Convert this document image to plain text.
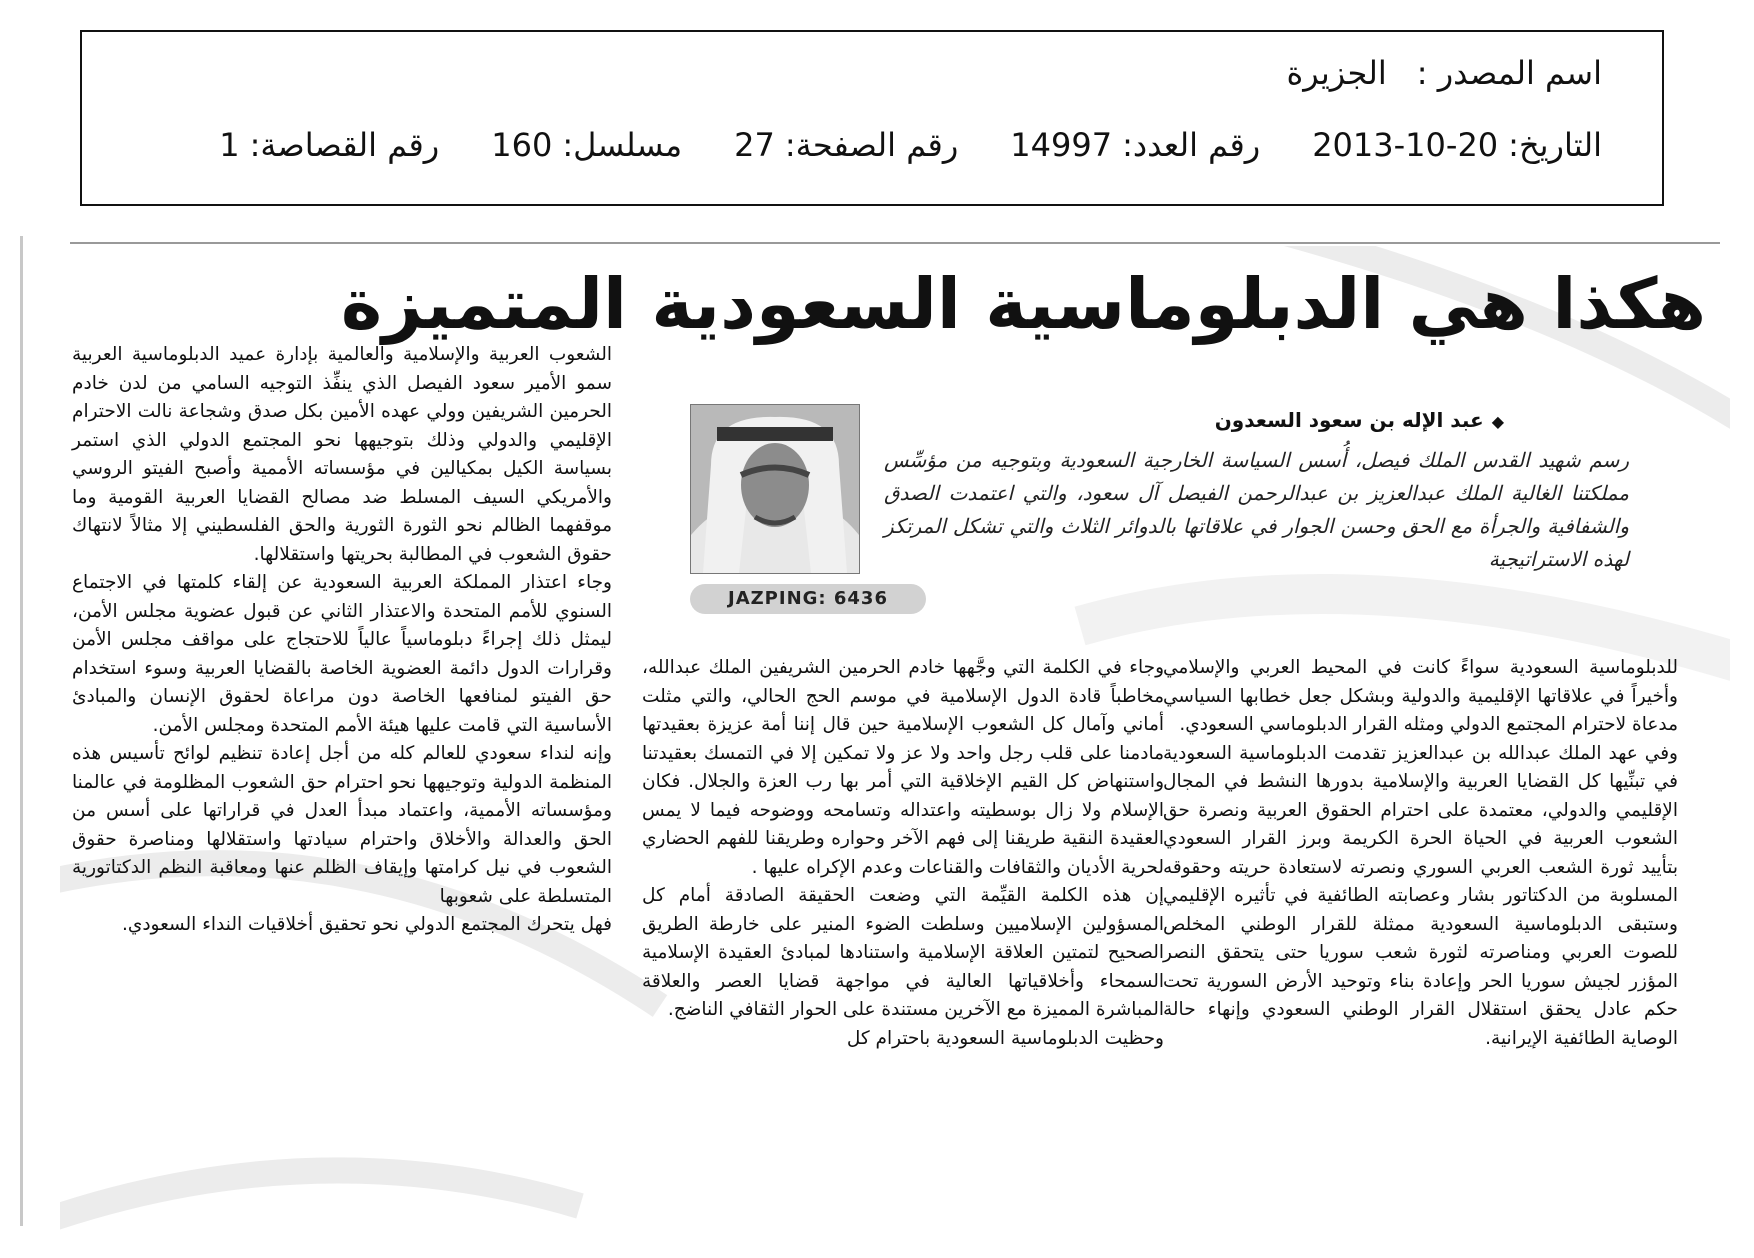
اسم المصدر :
الجزيرة
التاريخ:
2013-10-20
رقم العدد:
14997
رقم الصفحة:
27
مسلسل:
160
رقم القصاصة:
1
هكذا هي الدبلوماسية السعودية المتميزة
◆عبد الإله بن سعود السعدون
رسم شهيد القدس الملك فيصل، أُسس السياسة الخارجية السعودية وبتوجيه من مؤسِّس مملكتنا الغالية الملك عبدالعزيز بن عبدالرحمن الفيصل آل سعود، والتي اعتمدت الصدق والشفافية والجرأة مع الحق وحسن الجوار في علاقاتها بالدوائر الثلاث والتي تشكل المرتكز لهذه الاستراتيجية
JAZPING: 6436

للدبلوماسية السعودية سواءً كانت في المحيط العربي والإسلامي وأخيراً في علاقاتها الإقليمية والدولية وبشكل جعل خطابها السياسي مدعاة لاحترام المجتمع الدولي ومثله القرار الدبلوماسي السعودي.

وفي عهد الملك عبدالله بن عبدالعزيز تقدمت الدبلوماسية السعودية في تبنِّيها كل القضايا العربية والإسلامية بدورها النشط في المجال الإقليمي والدولي، معتمدة على احترام الحقوق العربية ونصرة حق الشعوب العربية في الحياة الحرة الكريمة وبرز القرار السعودي بتأييد ثورة الشعب العربي السوري ونصرته لاستعادة حريته وحقوقه المسلوبة من الدكتاتور بشار وعصابته الطائفية في تأثيره الإقليمي وستبقى الدبلوماسية السعودية ممثلة للقرار الوطني المخلص للصوت العربي ومناصرته لثورة شعب سوريا حتى يتحقق النصر المؤزر لجيش سوريا الحر وإعادة بناء وتوحيد الأرض السورية تحت حكم عادل يحقق استقلال القرار الوطني السعودي وإنهاء حالة الوصاية الطائفية الإيرانية.

وجاء في الكلمة التي وجَّهها خادم الحرمين الشريفين الملك عبدالله، مخاطباً قادة الدول الإسلامية في موسم الحج الحالي، والتي مثلت أماني وآمال كل الشعوب الإسلامية حين قال إننا أمة عزيزة بعقيدتها مادمنا على قلب رجل واحد ولا عز ولا تمكين إلا في التمسك بعقيدتنا واستنهاض كل القيم الإخلاقية التي أمر بها رب العزة والجلال. فكان الإسلام ولا زال بوسطيته واعتداله وتسامحه ووضوحه فيما لا يمس العقيدة النقية طريقنا إلى فهم الآخر وحواره وطريقنا للفهم الحضاري لحرية الأديان والثقافات والقناعات وعدم الإكراه عليها .

إن هذه الكلمة القيِّمة التي وضعت الحقيقة الصادقة أمام كل المسؤولين الإسلاميين وسلطت الضوء المنير على خارطة الطريق الصحيح لتمتين العلاقة الإسلامية واستنادها لمبادئ العقيدة الإسلامية السمحاء وأخلاقياتها العالية في مواجهة قضايا العصر والعلاقة المباشرة المميزة مع الآخرين مستندة على الحوار الثقافي الناضج.

وحظيت الدبلوماسية السعودية باحترام كل

الشعوب العربية والإسلامية والعالمية بإدارة عميد الدبلوماسية العربية سمو الأمير سعود الفيصل الذي ينفِّذ التوجيه السامي من لدن خادم الحرمين الشريفين وولي عهده الأمين بكل صدق وشجاعة نالت الاحترام الإقليمي والدولي وذلك بتوجيهها نحو المجتمع الدولي الذي استمر بسياسة الكيل بمكيالين في مؤسساته الأممية وأصبح الفيتو الروسي والأمريكي السيف المسلط ضد مصالح القضايا العربية القومية وما موقفهما الظالم نحو الثورة الثورية والحق الفلسطيني إلا مثالاً لانتهاك حقوق الشعوب في المطالبة بحريتها واستقلالها.

وجاء اعتذار المملكة العربية السعودية عن إلقاء كلمتها في الاجتماع السنوي للأمم المتحدة والاعتذار الثاني عن قبول عضوية مجلس الأمن، ليمثل ذلك إجراءً دبلوماسياً عالياً للاحتجاج على مواقف مجلس الأمن وقرارات الدول دائمة العضوية الخاصة بالقضايا العربية وسوء استخدام حق الفيتو لمنافعها الخاصة دون مراعاة لحقوق الإنسان والمبادئ الأساسية التي قامت عليها هيئة الأمم المتحدة ومجلس الأمن.

وإنه لنداء سعودي للعالم كله من أجل إعادة تنظيم لوائح تأسيس هذه المنظمة الدولية وتوجيهها نحو احترام حق الشعوب المظلومة في عالمنا ومؤسساته الأممية، واعتماد مبدأ العدل في قراراتها على أسس من الحق والعدالة والأخلاق واحترام سيادتها واستقلالها ومناصرة حقوق الشعوب في نيل كرامتها وإيقاف الظلم عنها ومعاقبة النظم الدكتاتورية المتسلطة على شعوبها

فهل يتحرك المجتمع الدولي نحو تحقيق أخلاقيات النداء السعودي.
